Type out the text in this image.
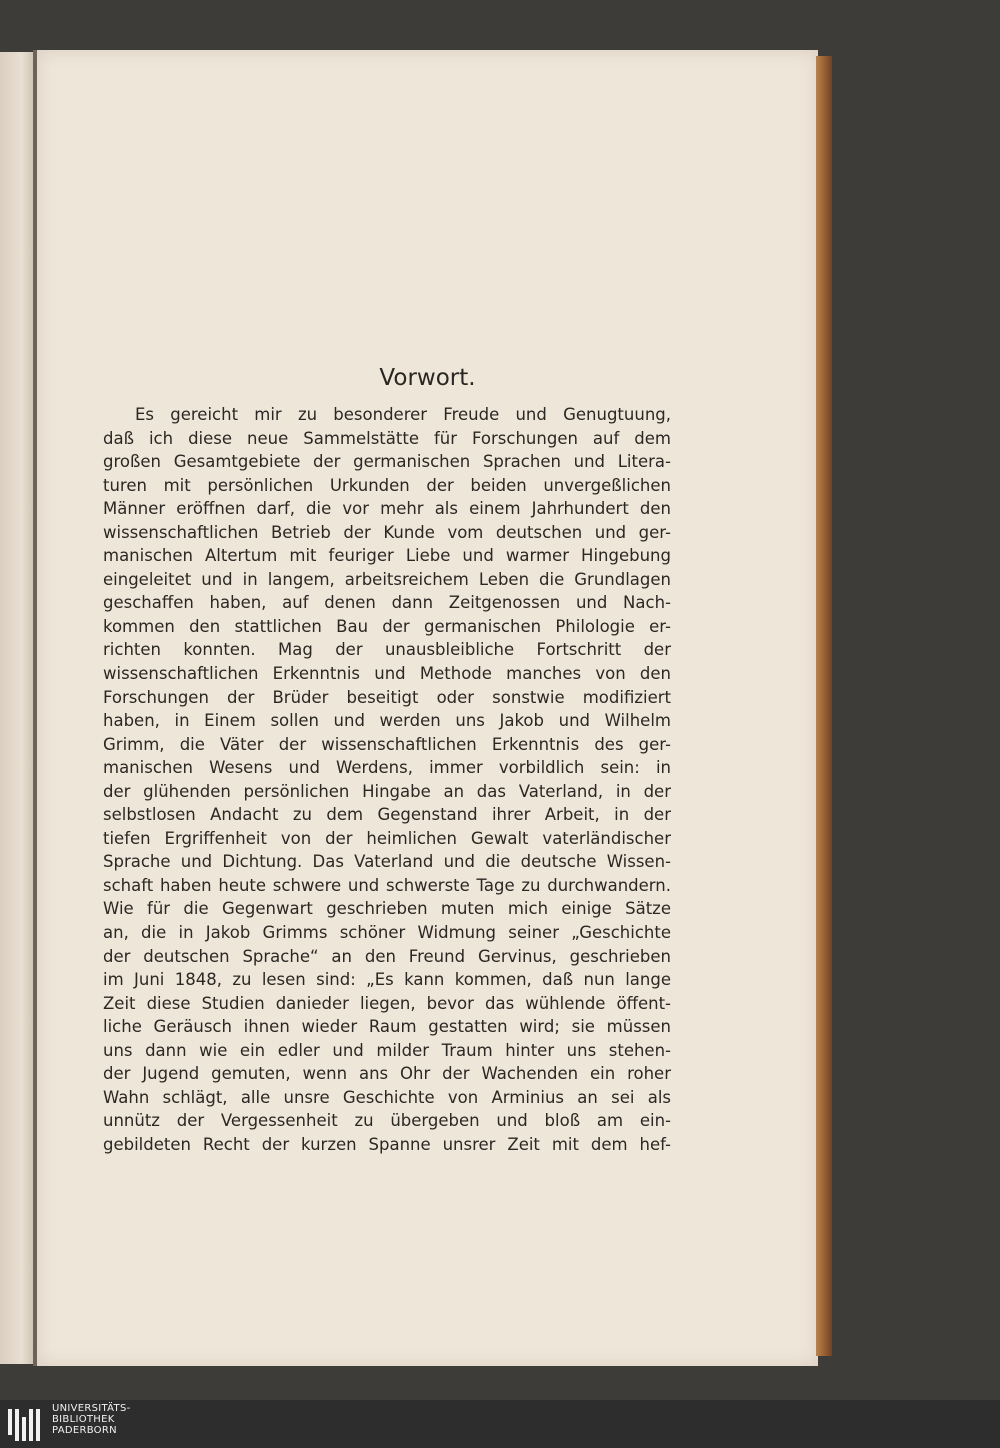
Vorwort.
Es gereicht mir zu besonderer Freude und Genugtuung,
daß ich diese neue Sammelstätte für Forschungen auf dem
großen Gesamtgebiete der germanischen Sprachen und Litera-
turen mit persönlichen Urkunden der beiden unvergeßlichen
Männer eröffnen darf, die vor mehr als einem Jahrhundert den
wissenschaftlichen Betrieb der Kunde vom deutschen und ger-
manischen Altertum mit feuriger Liebe und warmer Hingebung
eingeleitet und in langem, arbeitsreichem Leben die Grundlagen
geschaffen haben, auf denen dann Zeitgenossen und Nach-
kommen den stattlichen Bau der germanischen Philologie er-
richten konnten. Mag der unausbleibliche Fortschritt der
wissenschaftlichen Erkenntnis und Methode manches von den
Forschungen der Brüder beseitigt oder sonstwie modifiziert
haben, in Einem sollen und werden uns Jakob und Wilhelm
Grimm, die Väter der wissenschaftlichen Erkenntnis des ger-
manischen Wesens und Werdens, immer vorbildlich sein: in
der glühenden persönlichen Hingabe an das Vaterland, in der
selbstlosen Andacht zu dem Gegenstand ihrer Arbeit, in der
tiefen Ergriffenheit von der heimlichen Gewalt vaterländischer
Sprache und Dichtung. Das Vaterland und die deutsche Wissen-
schaft haben heute schwere und schwerste Tage zu durchwandern.
Wie für die Gegenwart geschrieben muten mich einige Sätze
an, die in Jakob Grimms schöner Widmung seiner „Geschichte
der deutschen Sprache“ an den Freund Gervinus, geschrieben
im Juni 1848, zu lesen sind: „Es kann kommen, daß nun lange
Zeit diese Studien danieder liegen, bevor das wühlende öffent-
liche Geräusch ihnen wieder Raum gestatten wird; sie müssen
uns dann wie ein edler und milder Traum hinter uns stehen-
der Jugend gemuten, wenn ans Ohr der Wachenden ein roher
Wahn schlägt, alle unsre Geschichte von Arminius an sei als
unnütz der Vergessenheit zu übergeben und bloß am ein-
gebildeten Recht der kurzen Spanne unsrer Zeit mit dem hef-
UNIVERSITÄTS-
BIBLIOTHEK
PADERBORN
